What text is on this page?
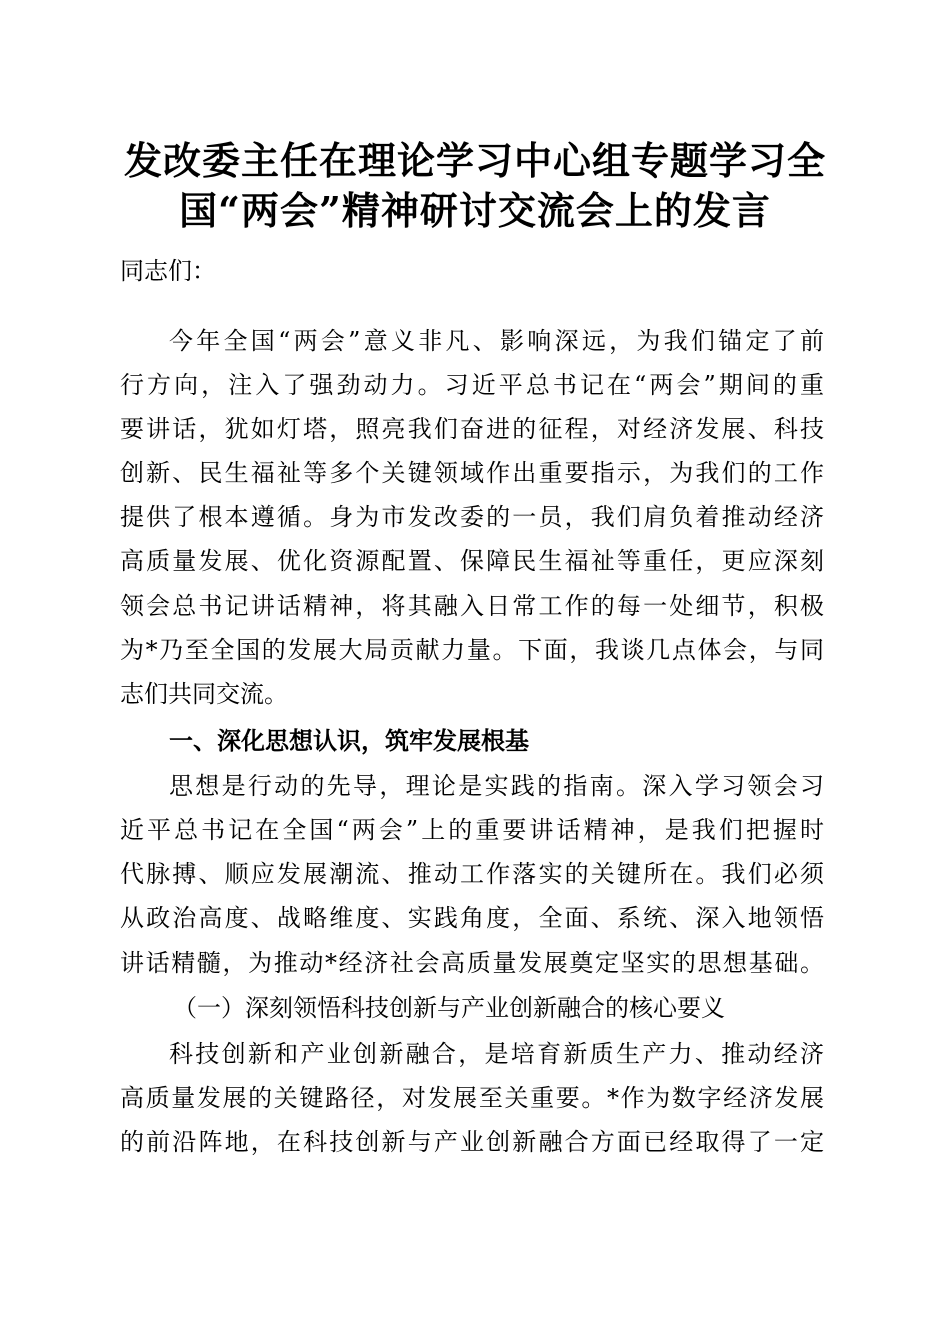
发改委主任在理论学习中心组专题学习全
国“两会”精神研讨交流会上的发言
同志们：
今年全国“两会”意义非凡、影响深远，为我们锚定了前
行方向，注入了强劲动力。习近平总书记在“两会”期间的重
要讲话，犹如灯塔，照亮我们奋进的征程，对经济发展、科技
创新、民生福祉等多个关键领域作出重要指示，为我们的工作
提供了根本遵循。身为市发改委的一员，我们肩负着推动经济
高质量发展、优化资源配置、保障民生福祉等重任，更应深刻
领会总书记讲话精神，将其融入日常工作的每一处细节，积极
为*乃至全国的发展大局贡献力量。下面，我谈几点体会，与同
志们共同交流。
一、深化思想认识，筑牢发展根基
思想是行动的先导，理论是实践的指南。深入学习领会习
近平总书记在全国“两会”上的重要讲话精神，是我们把握时
代脉搏、顺应发展潮流、推动工作落实的关键所在。我们必须
从政治高度、战略维度、实践角度，全面、系统、深入地领悟
讲话精髓，为推动*经济社会高质量发展奠定坚实的思想基础。
（一）深刻领悟科技创新与产业创新融合的核心要义
科技创新和产业创新融合，是培育新质生产力、推动经济
高质量发展的关键路径，对发展至关重要。*作为数字经济发展
的前沿阵地，在科技创新与产业创新融合方面已经取得了一定
